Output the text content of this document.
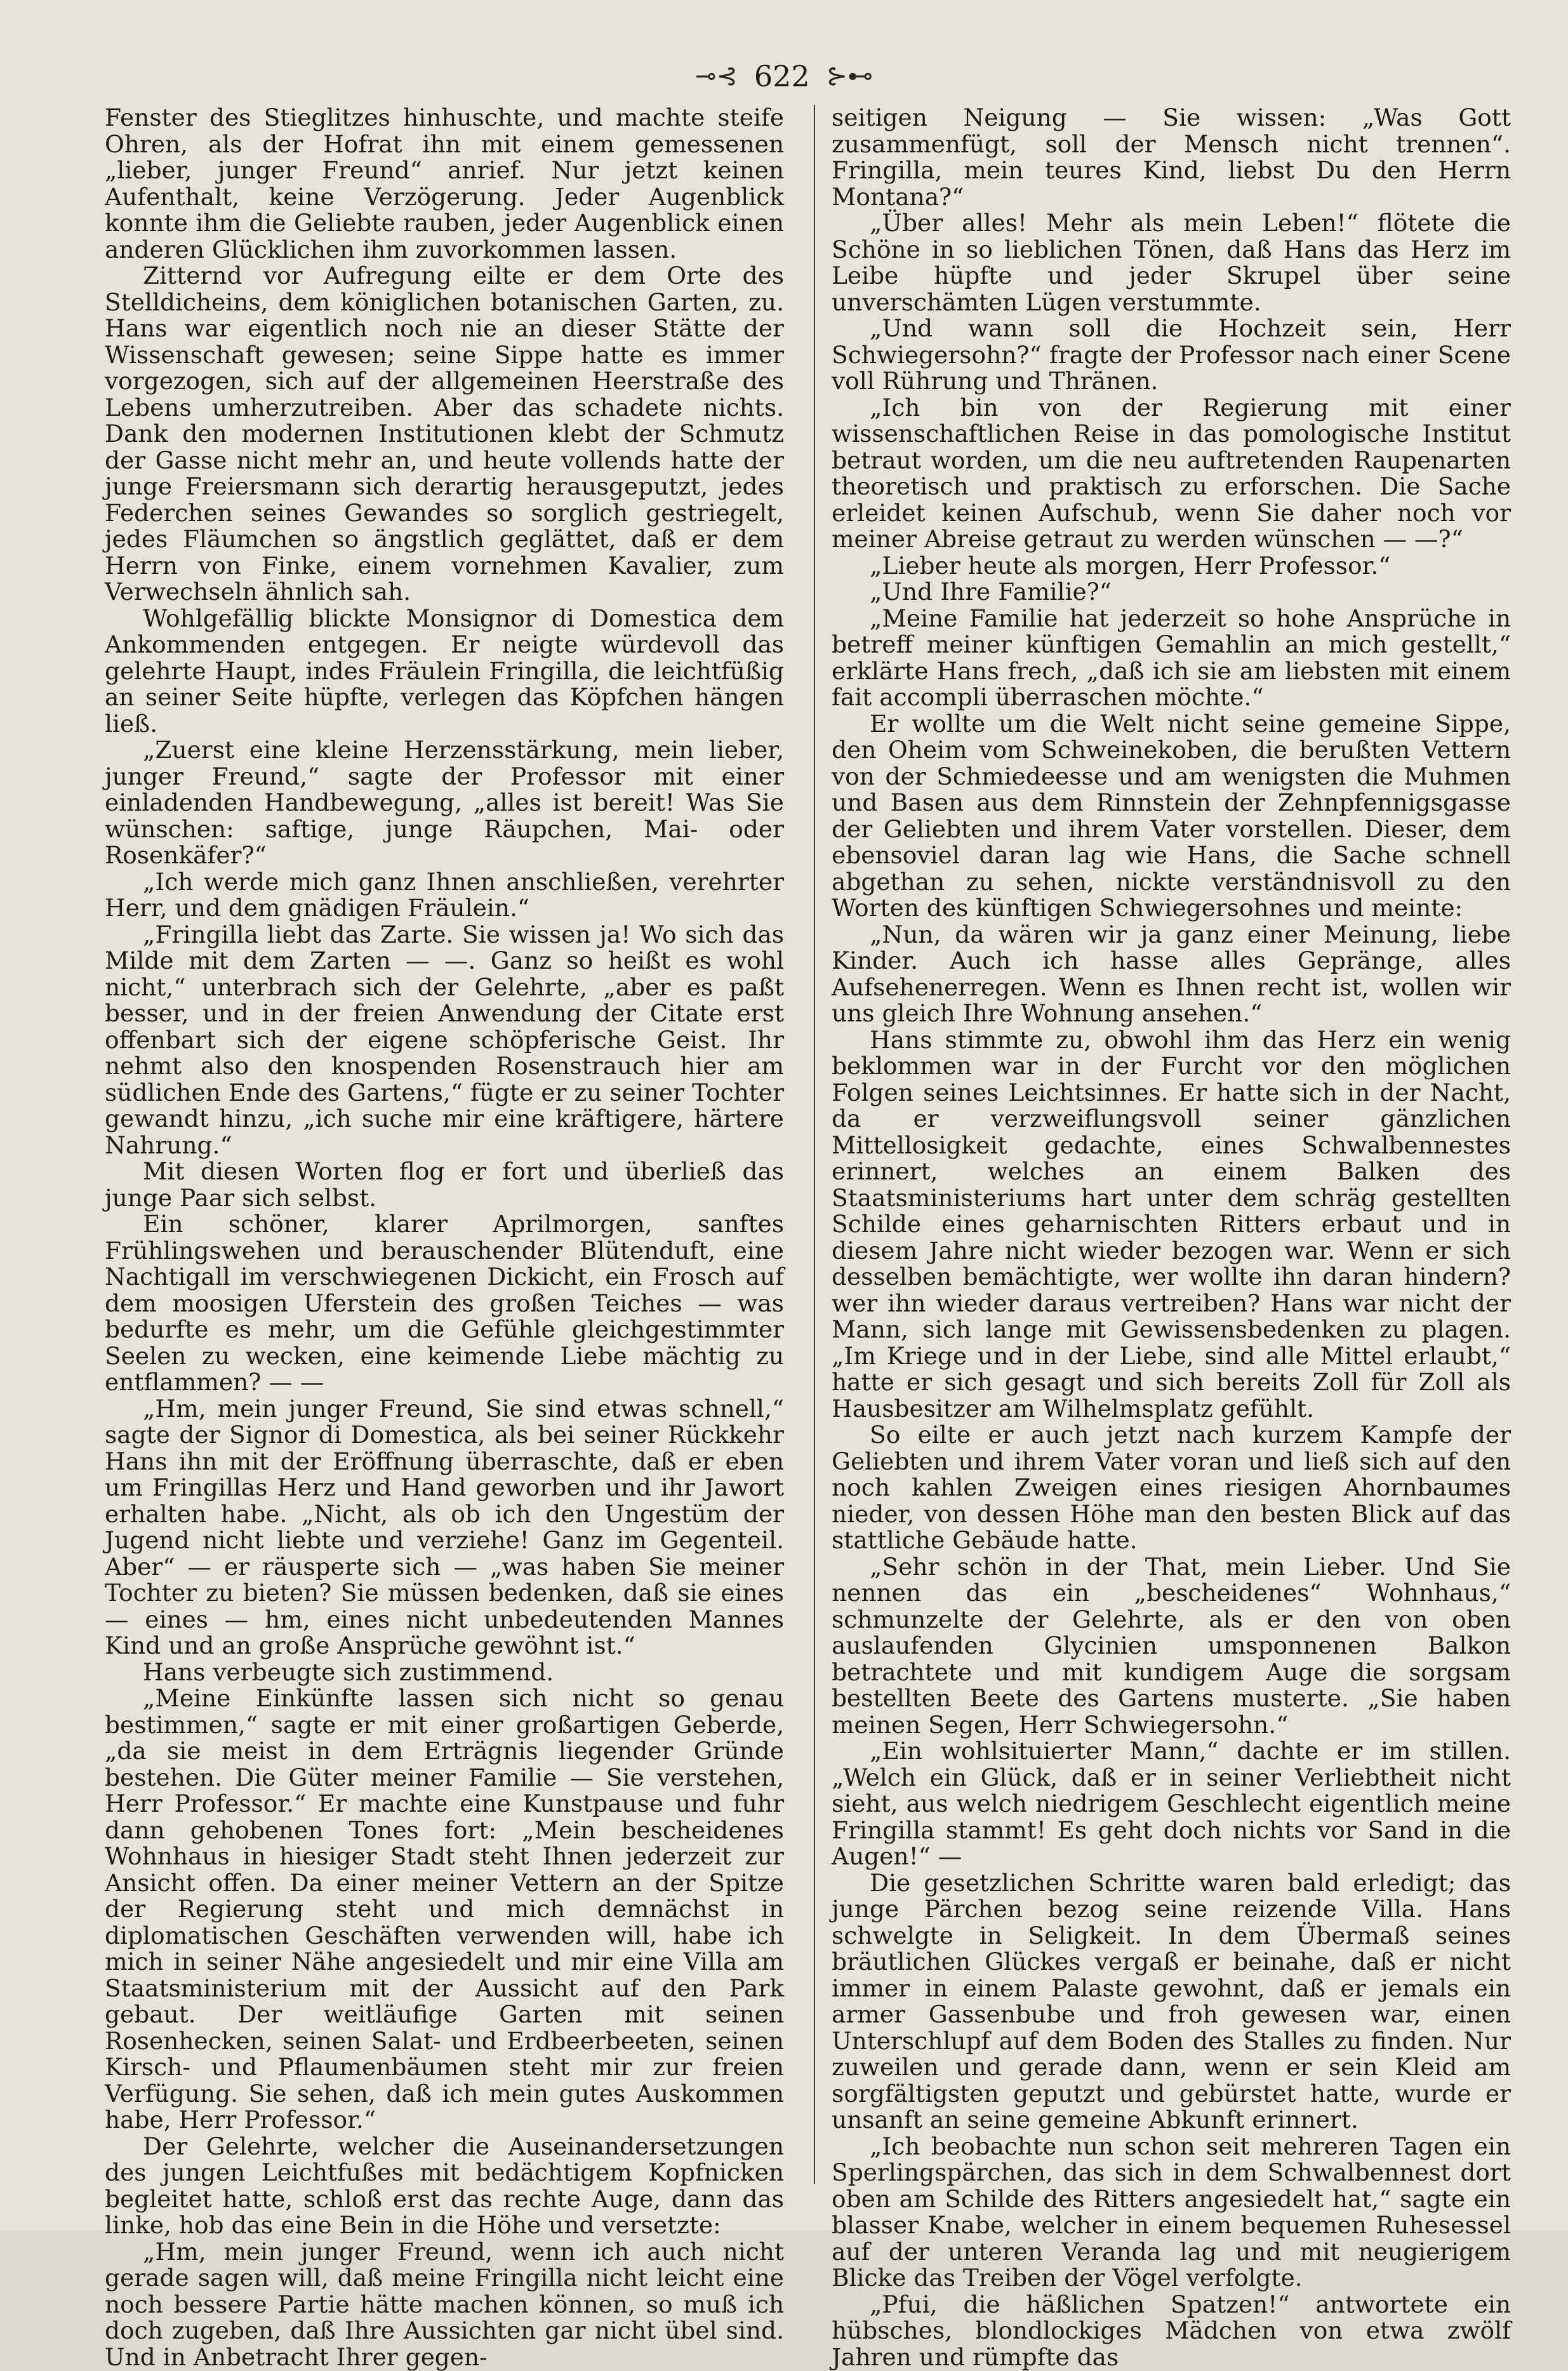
⊸⊰ 622 ⊱⊷

Fenster des Stieglitzes hinhuschte, und machte steife Ohren, als der Hofrat ihn mit einem gemessenen „lieber, junger Freund“ anrief. Nur jetzt keinen Aufenthalt, keine Verzögerung. Jeder Augenblick konnte ihm die Geliebte rauben, jeder Augenblick einen anderen Glücklichen ihm zuvorkommen lassen.

Zitternd vor Aufregung eilte er dem Orte des Stelldicheins, dem königlichen botanischen Garten, zu. Hans war eigentlich noch nie an dieser Stätte der Wissenschaft gewesen; seine Sippe hatte es immer vorgezogen, sich auf der allgemeinen Heerstraße des Lebens umherzutreiben. Aber das schadete nichts. Dank den modernen Institutionen klebt der Schmutz der Gasse nicht mehr an, und heute vollends hatte der junge Freiersmann sich derartig herausgeputzt, jedes Federchen seines Gewandes so sorglich gestriegelt, jedes Fläumchen so ängstlich geglättet, daß er dem Herrn von Finke, einem vornehmen Kavalier, zum Verwechseln ähnlich sah.

Wohlgefällig blickte Monsignor di Domestica dem Ankommenden entgegen. Er neigte würdevoll das gelehrte Haupt, indes Fräulein Fringilla, die leichtfüßig an seiner Seite hüpfte, verlegen das Köpfchen hängen ließ.

„Zuerst eine kleine Herzensstärkung, mein lieber, junger Freund,“ sagte der Professor mit einer einladenden Handbewegung, „alles ist bereit! Was Sie wünschen: saftige, junge Räupchen, Mai- oder Rosenkäfer?“

„Ich werde mich ganz Ihnen anschließen, verehrter Herr, und dem gnädigen Fräulein.“

„Fringilla liebt das Zarte. Sie wissen ja! Wo sich das Milde mit dem Zarten — —. Ganz so heißt es wohl nicht,“ unterbrach sich der Gelehrte, „aber es paßt besser, und in der freien Anwendung der Citate erst offenbart sich der eigene schöpferische Geist. Ihr nehmt also den knospenden Rosenstrauch hier am südlichen Ende des Gartens,“ fügte er zu seiner Tochter gewandt hinzu, „ich suche mir eine kräftigere, härtere Nahrung.“

Mit diesen Worten flog er fort und überließ das junge Paar sich selbst.

Ein schöner, klarer Aprilmorgen, sanftes Frühlingswehen und berauschender Blütenduft, eine Nachtigall im verschwiegenen Dickicht, ein Frosch auf dem moosigen Uferstein des großen Teiches — was bedurfte es mehr, um die Gefühle gleichgestimmter Seelen zu wecken, eine keimende Liebe mächtig zu entflammen? — —

„Hm, mein junger Freund, Sie sind etwas schnell,“ sagte der Signor di Domestica, als bei seiner Rückkehr Hans ihn mit der Eröffnung überraschte, daß er eben um Fringillas Herz und Hand geworben und ihr Jawort erhalten habe. „Nicht, als ob ich den Ungestüm der Jugend nicht liebte und verziehe! Ganz im Gegenteil. Aber“ — er räusperte sich — „was haben Sie meiner Tochter zu bieten? Sie müssen bedenken, daß sie eines — eines — hm, eines nicht unbedeutenden Mannes Kind und an große Ansprüche gewöhnt ist.“

Hans verbeugte sich zustimmend.

„Meine Einkünfte lassen sich nicht so genau bestimmen,“ sagte er mit einer großartigen Geberde, „da sie meist in dem Erträgnis liegender Gründe bestehen. Die Güter meiner Familie — Sie verstehen, Herr Professor.“ Er machte eine Kunstpause und fuhr dann gehobenen Tones fort: „Mein bescheidenes Wohnhaus in hiesiger Stadt steht Ihnen jederzeit zur Ansicht offen. Da einer meiner Vettern an der Spitze der Regierung steht und mich demnächst in diplomatischen Geschäften verwenden will, habe ich mich in seiner Nähe angesiedelt und mir eine Villa am Staatsministerium mit der Aussicht auf den Park gebaut. Der weitläufige Garten mit seinen Rosenhecken, seinen Salat- und Erdbeerbeeten, seinen Kirsch- und Pflaumenbäumen steht mir zur freien Verfügung. Sie sehen, daß ich mein gutes Auskommen habe, Herr Professor.“

Der Gelehrte, welcher die Auseinandersetzungen des jungen Leichtfußes mit bedächtigem Kopfnicken begleitet hatte, schloß erst das rechte Auge, dann das linke, hob das eine Bein in die Höhe und versetzte:

„Hm, mein junger Freund, wenn ich auch nicht gerade sagen will, daß meine Fringilla nicht leicht eine noch bessere Partie hätte machen können, so muß ich doch zugeben, daß Ihre Aussichten gar nicht übel sind. Und in Anbetracht Ihrer gegen-

seitigen Neigung — Sie wissen: „Was Gott zusammenfügt, soll der Mensch nicht trennen“. Fringilla, mein teures Kind, liebst Du den Herrn Montana?“

„Über alles! Mehr als mein Leben!“ flötete die Schöne in so lieblichen Tönen, daß Hans das Herz im Leibe hüpfte und jeder Skrupel über seine unverschämten Lügen verstummte.

„Und wann soll die Hochzeit sein, Herr Schwiegersohn?“ fragte der Professor nach einer Scene voll Rührung und Thränen.

„Ich bin von der Regierung mit einer wissenschaftlichen Reise in das pomologische Institut betraut worden, um die neu auftretenden Raupenarten theoretisch und praktisch zu erforschen. Die Sache erleidet keinen Aufschub, wenn Sie daher noch vor meiner Abreise getraut zu werden wünschen — —?“

„Lieber heute als morgen, Herr Professor.“

„Und Ihre Familie?“

„Meine Familie hat jederzeit so hohe Ansprüche in betreff meiner künftigen Gemahlin an mich gestellt,“ erklärte Hans frech, „daß ich sie am liebsten mit einem fait accompli überraschen möchte.“

Er wollte um die Welt nicht seine gemeine Sippe, den Oheim vom Schweinekoben, die berußten Vettern von der Schmiedeesse und am wenigsten die Muhmen und Basen aus dem Rinnstein der Zehnpfennigsgasse der Geliebten und ihrem Vater vorstellen. Dieser, dem ebensoviel daran lag wie Hans, die Sache schnell abgethan zu sehen, nickte verständnisvoll zu den Worten des künftigen Schwiegersohnes und meinte:

„Nun, da wären wir ja ganz einer Meinung, liebe Kinder. Auch ich hasse alles Gepränge, alles Aufsehenerregen. Wenn es Ihnen recht ist, wollen wir uns gleich Ihre Wohnung ansehen.“

Hans stimmte zu, obwohl ihm das Herz ein wenig beklommen war in der Furcht vor den möglichen Folgen seines Leichtsinnes. Er hatte sich in der Nacht, da er verzweiflungsvoll seiner gänzlichen Mittellosigkeit gedachte, eines Schwalbennestes erinnert, welches an einem Balken des Staatsministeriums hart unter dem schräg gestellten Schilde eines geharnischten Ritters erbaut und in diesem Jahre nicht wieder bezogen war. Wenn er sich desselben bemächtigte, wer wollte ihn daran hindern? wer ihn wieder daraus vertreiben? Hans war nicht der Mann, sich lange mit Gewissensbedenken zu plagen. „Im Kriege und in der Liebe, sind alle Mittel erlaubt,“ hatte er sich gesagt und sich bereits Zoll für Zoll als Hausbesitzer am Wilhelmsplatz gefühlt.

So eilte er auch jetzt nach kurzem Kampfe der Geliebten und ihrem Vater voran und ließ sich auf den noch kahlen Zweigen eines riesigen Ahornbaumes nieder, von dessen Höhe man den besten Blick auf das stattliche Gebäude hatte.

„Sehr schön in der That, mein Lieber. Und Sie nennen das ein „bescheidenes“ Wohnhaus,“ schmunzelte der Gelehrte, als er den von oben auslaufenden Glycinien umsponnenen Balkon betrachtete und mit kundigem Auge die sorgsam bestellten Beete des Gartens musterte. „Sie haben meinen Segen, Herr Schwiegersohn.“

„Ein wohlsituierter Mann,“ dachte er im stillen. „Welch ein Glück, daß er in seiner Verliebtheit nicht sieht, aus welch niedrigem Geschlecht eigentlich meine Fringilla stammt! Es geht doch nichts vor Sand in die Augen!“ —

Die gesetzlichen Schritte waren bald erledigt; das junge Pärchen bezog seine reizende Villa. Hans schwelgte in Seligkeit. In dem Übermaß seines bräutlichen Glückes vergaß er beinahe, daß er nicht immer in einem Palaste gewohnt, daß er jemals ein armer Gassenbube und froh gewesen war, einen Unterschlupf auf dem Boden des Stalles zu finden. Nur zuweilen und gerade dann, wenn er sein Kleid am sorgfältigsten geputzt und gebürstet hatte, wurde er unsanft an seine gemeine Abkunft erinnert.

„Ich beobachte nun schon seit mehreren Tagen ein Sperlingspärchen, das sich in dem Schwalbennest dort oben am Schilde des Ritters angesiedelt hat,“ sagte ein blasser Knabe, welcher in einem bequemen Ruhesessel auf der unteren Veranda lag und mit neugierigem Blicke das Treiben der Vögel verfolgte.

„Pfui, die häßlichen Spatzen!“ antwortete ein hübsches, blondlockiges Mädchen von etwa zwölf Jahren und rümpfte das
